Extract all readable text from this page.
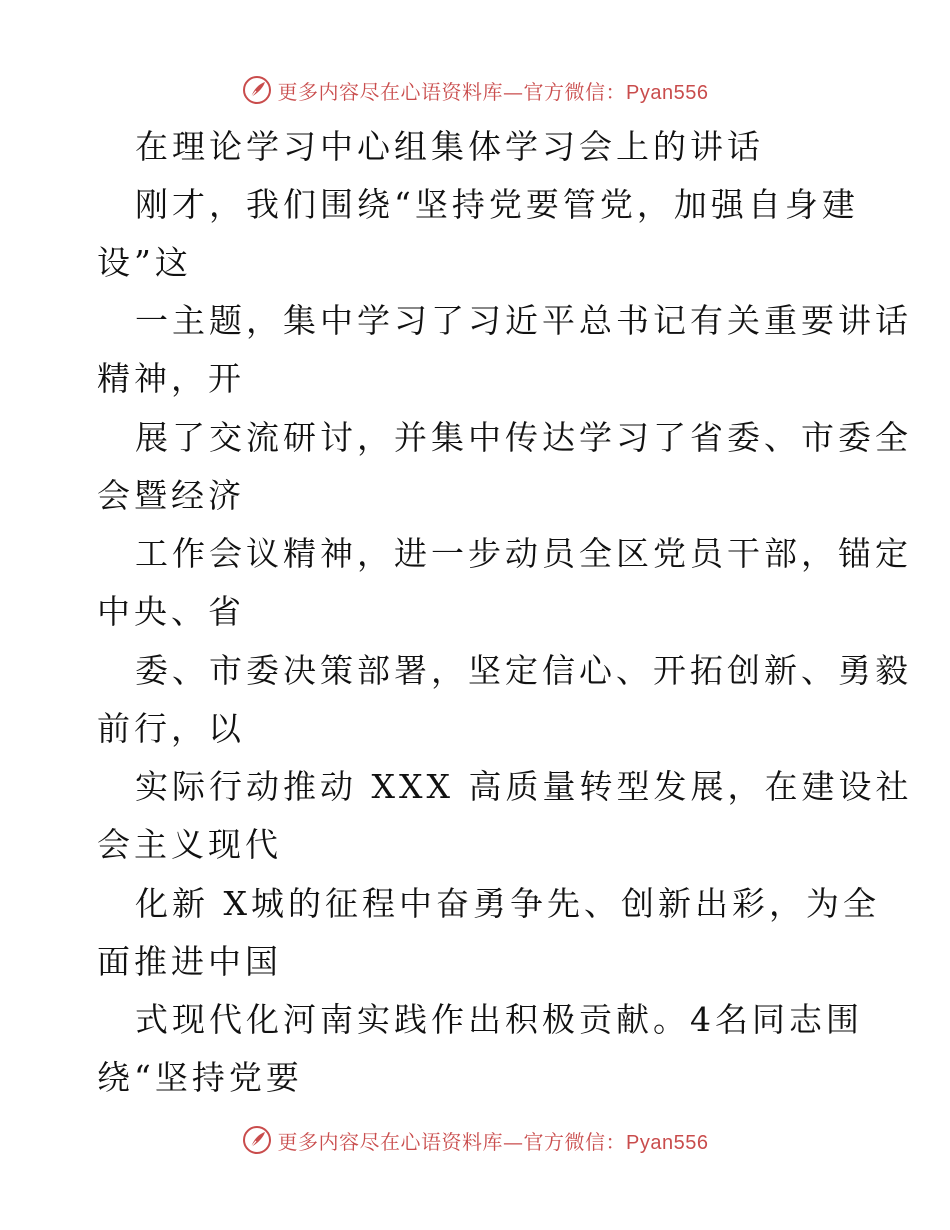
更多内容尽在心语资料库—官方微信：Pyan556
在理论学习中心组集体学习会上的讲话
刚才，我们围绕“坚持党要管党，加强自身建
设”这
一主题，集中学习了习近平总书记有关重要讲话
精神，开
展了交流研讨，并集中传达学习了省委、市委全
会暨经济
工作会议精神，进一步动员全区党员干部，锚定
中央、省
委、市委决策部署，坚定信心、开拓创新、勇毅
前行，以
实际行动推动 XXX 高质量转型发展，在建设社
会主义现代
化新 X城的征程中奋勇争先、创新出彩，为全
面推进中国
式现代化河南实践作出积极贡献。4名同志围
绕“坚持党要
更多内容尽在心语资料库—官方微信：Pyan556
